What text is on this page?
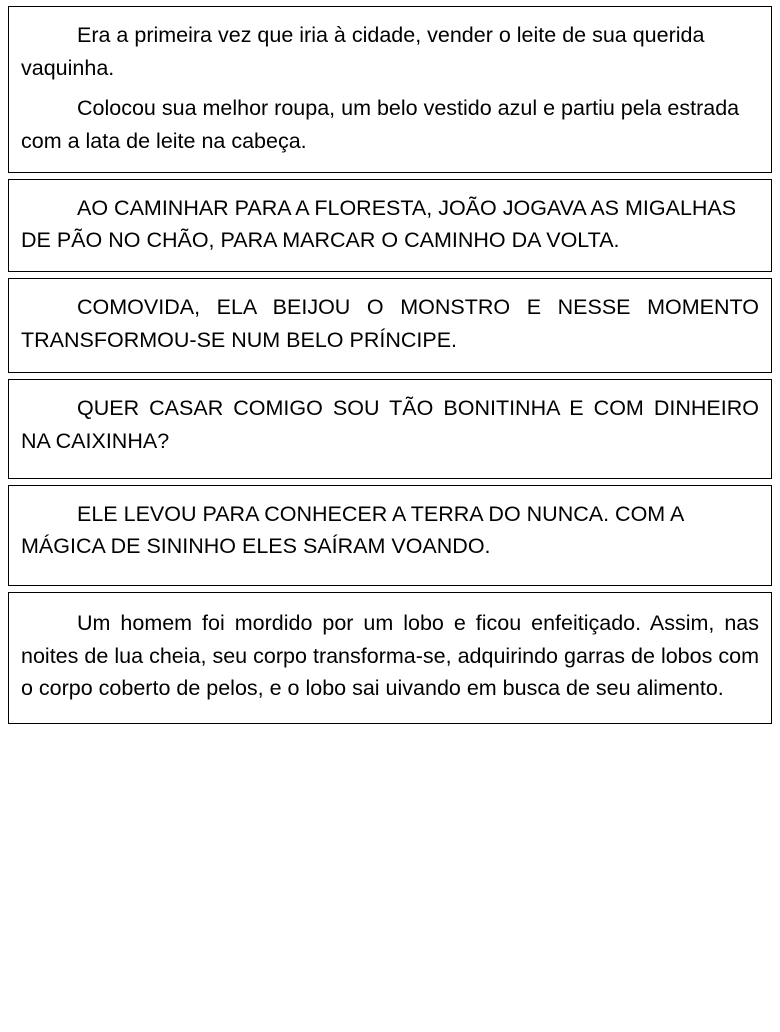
Era a primeira vez que iria à cidade, vender o leite de sua querida vaquinha.

Colocou sua melhor roupa, um belo vestido azul e partiu pela estrada com a lata de leite na cabeça.

AO CAMINHAR PARA A FLORESTA, JOÃO JOGAVA AS MIGALHAS DE PÃO NO CHÃO, PARA MARCAR O CAMINHO DA VOLTA.

COMOVIDA, ELA BEIJOU O MONSTRO E NESSE MOMENTO TRANSFORMOU-SE NUM BELO PRÍNCIPE.

QUER CASAR COMIGO SOU TÃO BONITINHA E COM DINHEIRO NA CAIXINHA?

ELE LEVOU PARA CONHECER A TERRA DO NUNCA. COM A MÁGICA DE SININHO ELES SAÍRAM VOANDO.

Um homem foi mordido por um lobo e ficou enfeitiçado. Assim, nas noites de lua cheia, seu corpo transforma-se, adquirindo garras de lobos com o corpo coberto de pelos, e o lobo sai uivando em busca de seu alimento.
